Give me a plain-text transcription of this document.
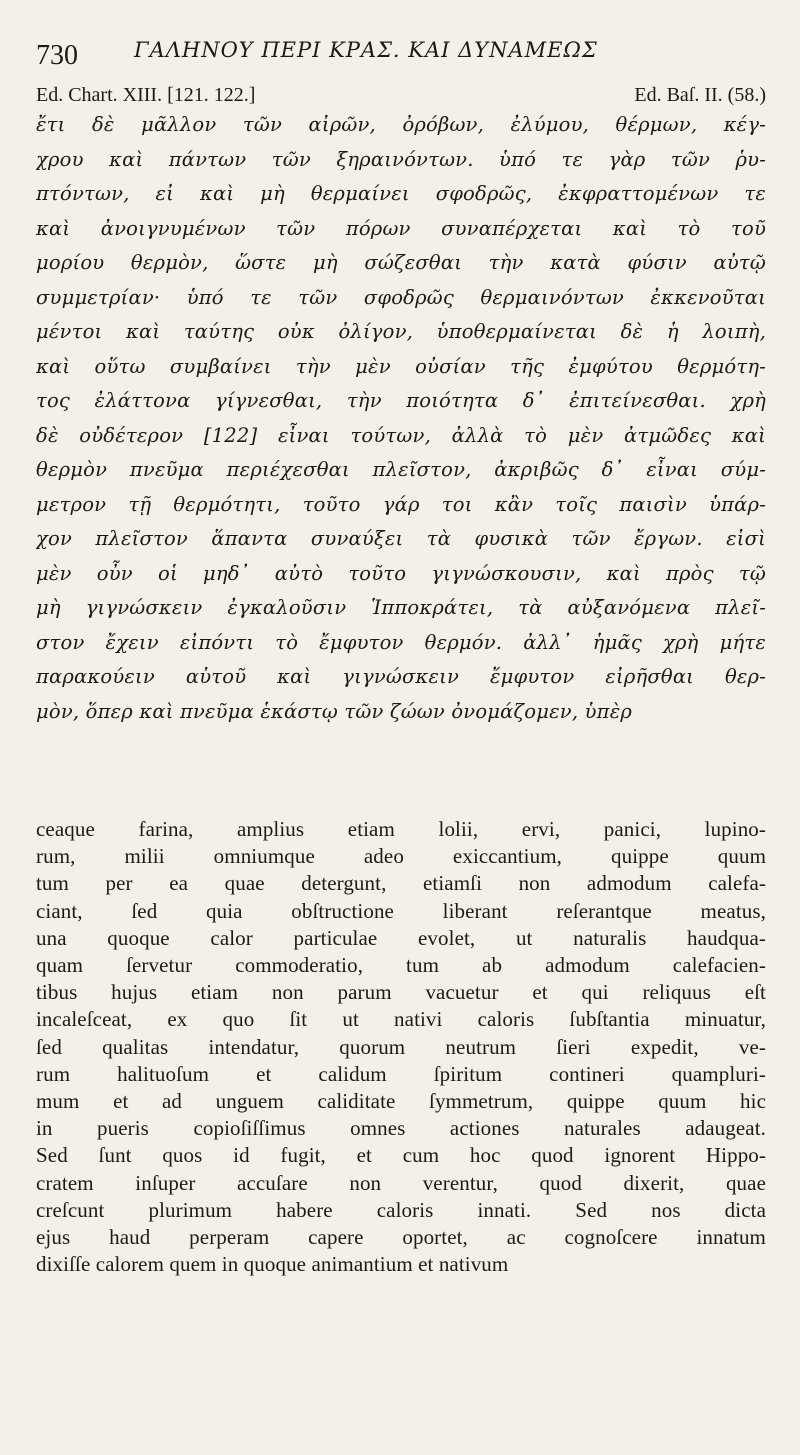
730	ΓΑΛΗΝΟΥ ΠΕΡΙ ΚΡΑΣ. ΚΑΙ ΔΥΝΑΜΕΩΣ
Ed. Chart. XIII. [121. 122.]	Ed. Baſ. II. (58.)
ἔτι δὲ μᾶλλον τῶν αἰρῶν, ὀρόβων, ἐλύμου, θέρμων, κέγ-
χρου καὶ πάντων τῶν ξηραινόντων. ὑπό τε γὰρ τῶν ῥυ-
πτόντων, εἰ καὶ μὴ θερμαίνει σφοδρῶς, ἐκφραττομένων τε
καὶ ἀνοιγνυμένων τῶν πόρων συναπέρχεται καὶ τὸ τοῦ
μορίου θερμὸν, ὥστε μὴ σώζεσθαι τὴν κατὰ φύσιν αὐτῷ
συμμετρίαν· ὑπό τε τῶν σφοδρῶς θερμαινόντων ἐκκενοῦται
μέντοι καὶ ταύτης οὐκ ὀλίγον, ὑποθερμαίνεται δὲ ἡ λοιπὴ,
καὶ οὕτω συμβαίνει τὴν μὲν οὐσίαν τῆς ἐμφύτου θερμότη-
τος ἐλάττονα γίγνεσθαι, τὴν ποιότητα δ᾽ ἐπιτείνεσθαι. χρὴ
δὲ οὐδέτερον [122] εἶναι τούτων, ἀλλὰ τὸ μὲν ἀτμῶδες καὶ
θερμὸν πνεῦμα περιέχεσθαι πλεῖστον, ἀκριβῶς δ᾽ εἶναι σύμ-
μετρον τῇ θερμότητι, τοῦτο γάρ τοι κἂν τοῖς παισὶν ὑπάρ-
χον πλεῖστον ἅπαντα συναύξει τὰ φυσικὰ τῶν ἔργων. εἰσὶ
μὲν οὖν οἱ μηδ᾽ αὐτὸ τοῦτο γιγνώσκουσιν, καὶ πρὸς τῷ
μὴ γιγνώσκειν ἐγκαλοῦσιν Ἱπποκράτει, τὰ αὐξανόμενα πλεῖ-
στον ἔχειν εἰπόντι τὸ ἔμφυτον θερμόν. ἀλλ᾽ ἡμᾶς χρὴ μήτε
παρακούειν αὐτοῦ καὶ γιγνώσκειν ἔμφυτον εἰρῆσθαι θερ-
μὸν, ὅπερ καὶ πνεῦμα ἑκάστῳ τῶν ζώων ὀνομάζομεν, ὑπὲρ
ceaque farina, amplius etiam lolii, ervi, panici, lupino-
rum, milii omniumque adeo exiccantium, quippe quum
tum per ea quae detergunt, etiamſi non admodum calefa-
ciant, ſed quia obſtructione liberant reſerantque meatus,
una quoque calor particulae evolet, ut naturalis haudqua-
quam ſervetur commoderatio, tum ab admodum calefacien-
tibus hujus etiam non parum vacuetur et qui reliquus eſt
incaleſceat, ex quo ſit ut nativi caloris ſubſtantia minuatur,
ſed qualitas intendatur, quorum neutrum ſieri expedit, ve-
rum halituoſum et calidum ſpiritum contineri quampluri-
mum et ad unguem caliditate ſymmetrum, quippe quum hic
in pueris copioſiſſimus omnes actiones naturales adaugeat.
Sed ſunt quos id fugit, et cum hoc quod ignorent Hippo-
cratem inſuper accuſare non verentur, quod dixerit, quae
creſcunt plurimum habere caloris innati. Sed nos dicta
ejus haud perperam capere oportet, ac cognoſcere innatum
dixiſſe calorem quem in quoque animantium et nativum
